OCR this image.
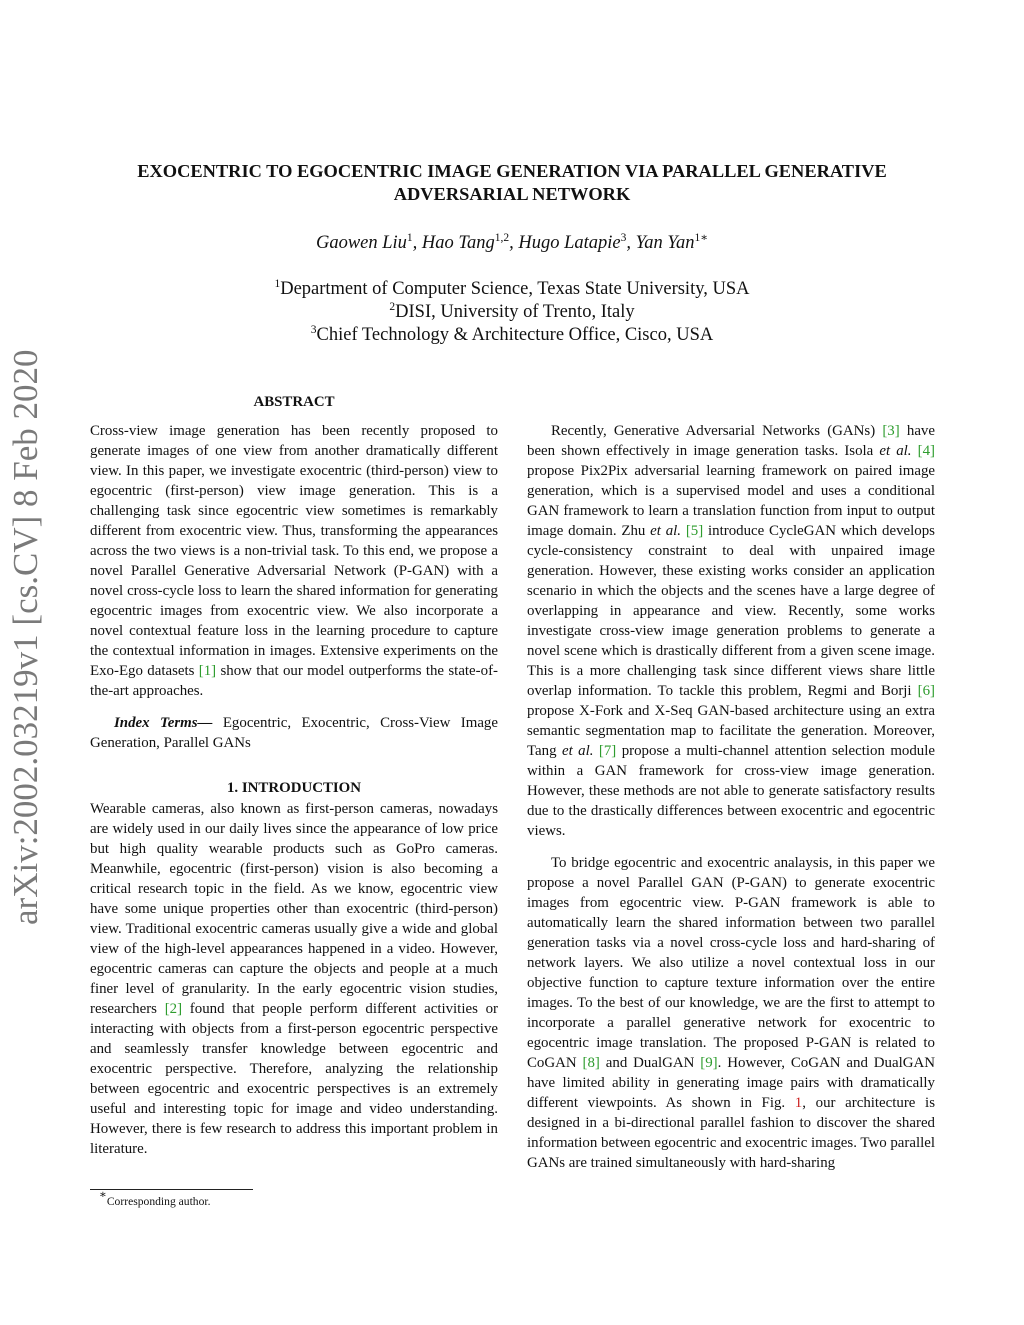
EXOCENTRIC TO EGOCENTRIC IMAGE GENERATION VIA PARALLEL GENERATIVE ADVERSARIAL NETWORK
Gaowen Liu$^1$, Hao Tang$^{1,2}$, Hugo Latapie$^3$, Yan Yan$^{1∗}$
$^1$Department of Computer Science, Texas State University, USA
$^2$DISI, University of Trento, Italy
$^3$Chief Technology & Architecture Office, Cisco, USA
arXiv:2002.03219v1 [cs.CV] 8 Feb 2020	ABSTRACT

Cross-view image generation has been recently proposed to generate images of one view from another dramatically different view. In this paper, we investigate exocentric (third-person) view to egocentric (first-person) view image generation. This is a challenging task since egocentric view sometimes is remarkably different from exocentric view. Thus, transforming the appearances across the two views is a non-trivial task. To this end, we propose a novel Parallel Generative Adversarial Network (P-GAN) with a novel cross-cycle loss to learn the shared information for generating egocentric images from exocentric view. We also incorporate a novel contextual feature loss in the learning procedure to capture the contextual information in images. Extensive experiments on the Exo-Ego datasets [1] show that our model outperforms the state-of-the-art approaches.

Index Terms— Egocentric, Exocentric, Cross-View Image Generation, Parallel GANs

1. INTRODUCTION

Wearable cameras, also known as first-person cameras, nowadays are widely used in our daily lives since the appearance of low price but high quality wearable products such as GoPro cameras. Meanwhile, egocentric (first-person) vision is also becoming a critical research topic in the field. As we know, egocentric view have some unique properties other than exocentric (third-person) view. Traditional exocentric cameras usually give a wide and global view of the high-level appearances happened in a video. However, egocentric cameras can capture the objects and people at a much finer level of granularity. In the early egocentric vision studies, researchers [2] found that people perform different activities or interacting with objects from a first-person egocentric perspective and seamlessly transfer knowledge between egocentric and exocentric perspective. Therefore, analyzing the relationship between egocentric and exocentric perspectives is an extremely useful and interesting topic for image and video understanding. However, there is few research to address this important problem in literature.

Recently, Generative Adversarial Networks (GANs) [3] have been shown effectively in image generation tasks. Isola et al. [4] propose Pix2Pix adversarial learning framework on paired image generation, which is a supervised model and uses a conditional GAN framework to learn a translation function from input to output image domain. Zhu et al. [5] introduce CycleGAN which develops cycle-consistency constraint to deal with unpaired image generation. However, these existing works consider an application scenario in which the objects and the scenes have a large degree of overlapping in appearance and view. Recently, some works investigate cross-view image generation problems to generate a novel scene which is drastically different from a given scene image. This is a more challenging task since different views share little overlap information. To tackle this problem, Regmi and Borji [6] propose X-Fork and X-Seq GAN-based architecture using an extra semantic segmentation map to facilitate the generation. Moreover, Tang et al. [7] propose a multi-channel attention selection module within a GAN framework for cross-view image generation. However, these methods are not able to generate satisfactory results due to the drastically differences between exocentric and egocentric views.

To bridge egocentric and exocentric analaysis, in this paper we propose a novel Parallel GAN (P-GAN) to generate exocentric images from egocentric view. P-GAN framework is able to automatically learn the shared information between two parallel generation tasks via a novel cross-cycle loss and hard-sharing of network layers. We also utilize a novel contextual loss in our objective function to capture texture information over the entire images. To the best of our knowledge, we are the first to attempt to incorporate a parallel generative network for exocentric to egocentric image translation. The proposed P-GAN is related to CoGAN [8] and DualGAN [9]. However, CoGAN and DualGAN have limited ability in generating image pairs with dramatically different viewpoints. As shown in Fig. 1, our architecture is designed in a bi-directional parallel fashion to discover the shared information between egocentric and exocentric images. Two parallel GANs are trained simultaneously with hard-sharing

∗Corresponding author.
